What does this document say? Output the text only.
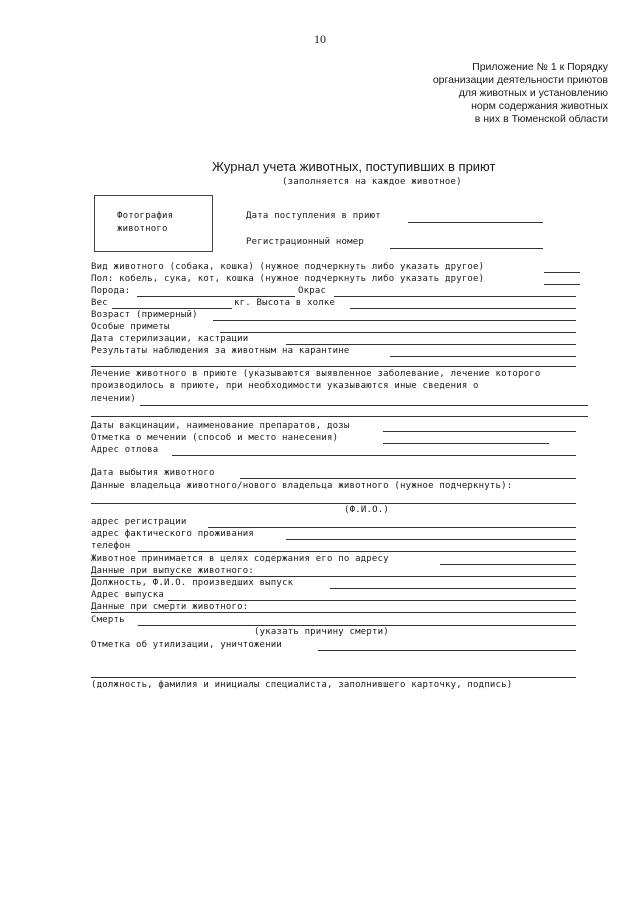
10
Приложение № 1 к Порядку
организации деятельности приютов
для животных и установлению
норм содержания животных
в них в Тюменской области
Журнал учета животных, поступивших в приют
(заполняется на каждое животное)
Фотография
животного
Дата поступления в приют
Регистрационный номер
Вид животного (собака, кошка) (нужное подчеркнуть либо указать другое)
Пол: кобель, сука, кот, кошка (нужное подчеркнуть либо указать другое)
Порода:	Окрас
Вес	кг. Высота в холке
Возраст (примерный)
Особые приметы
Дата стерилизации, кастрации
Результаты наблюдения за животным на карантине
Лечение животного в приюте (указываются выявленное заболевание, лечение которого
производилось в приюте, при необходимости указываются иные сведения о
лечении)
Даты вакцинации, наименование препаратов, дозы
Отметка о мечении (способ и место нанесения)
Адрес отлова
Дата выбытия животного
Данные владельца животного/нового владельца животного (нужное подчеркнуть):
(Ф.И.О.)
адрес регистрации
адрес фактического проживания
телефон
Животное принимается в целях содержания его по адресу
Данные при выпуске животного:
Должность, Ф.И.О. произведших выпуск
Адрес выпуска
Данные при смерти животного:
Смерть
(указать причину смерти)
Отметка об утилизации, уничтожении
(должность, фамилия и инициалы специалиста, заполнившего карточку, подпись)
